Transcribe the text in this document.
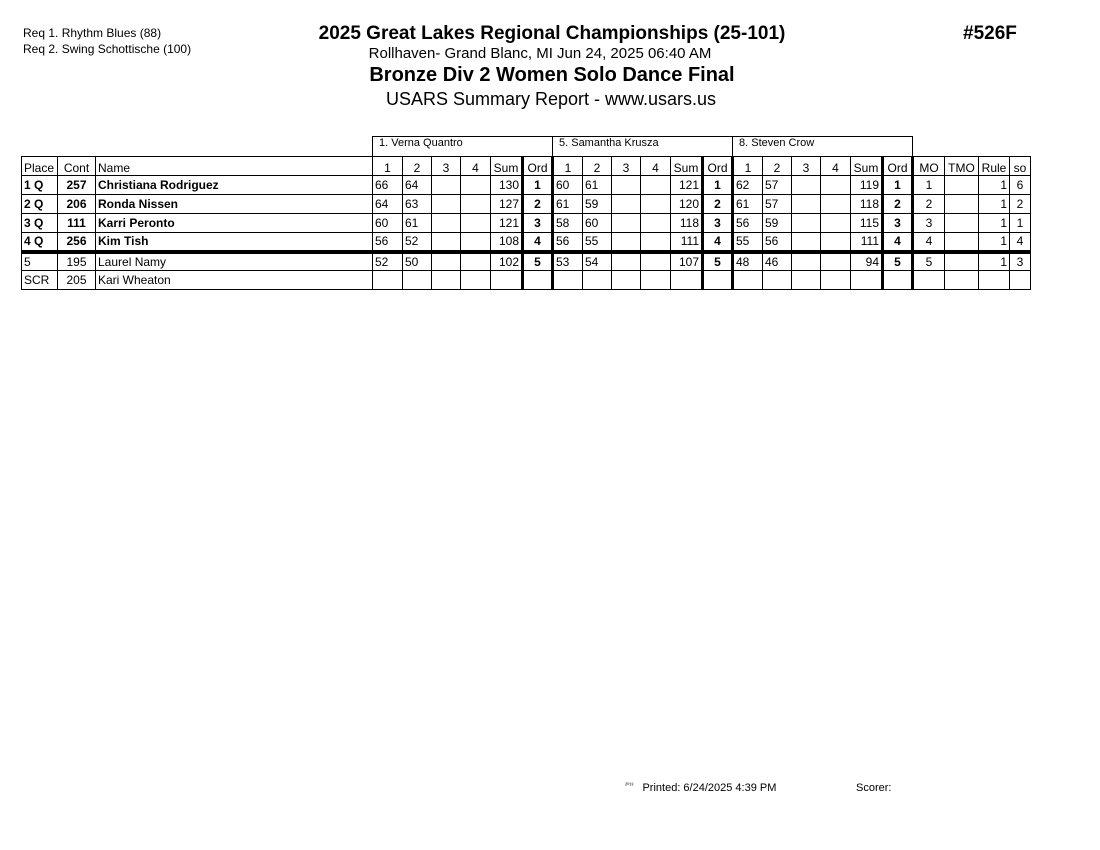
Req 1. Rhythm Blues (88)
Req 2. Swing Schottische (100)
2025 Great Lakes Regional Championships (25-101)	#526F
Rollhaven- Grand Blanc, MI Jun 24, 2025 06:40 AM
Bronze Div 2 Women Solo Dance Final
USARS Summary Report - www.usars.us
			1. Verna Quantro						5. Samantha Krusza						8. Steven Crow									
Place	Cont	Name	1	2	3	4	Sum	Ord	1	2	3	4	Sum	Ord	1	2	3	4	Sum	Ord	MO	TMO	Rule	so
1 Q	257	Christiana Rodriguez	66	64			130	1	60	61			121	1	62	57			119	1	1		1	6
2 Q	206	Ronda Nissen	64	63			127	2	61	59			120	2	61	57			118	2	2		1	2
3 Q	111	Karri Peronto	60	61			121	3	58	60			118	3	56	59			115	3	3		1	1
4 Q	256	Kim Tish	56	52			108	4	56	55			111	4	55	56			111	4	4		1	4
5	195	Laurel Namy	52	50			102	5	53	54			107	5	48	46			94	5	5		1	3
SCR	205	Kari Wheaton																						
$^{^{2013}}$ Printed: 6/24/2025 4:39 PM	Scorer:
